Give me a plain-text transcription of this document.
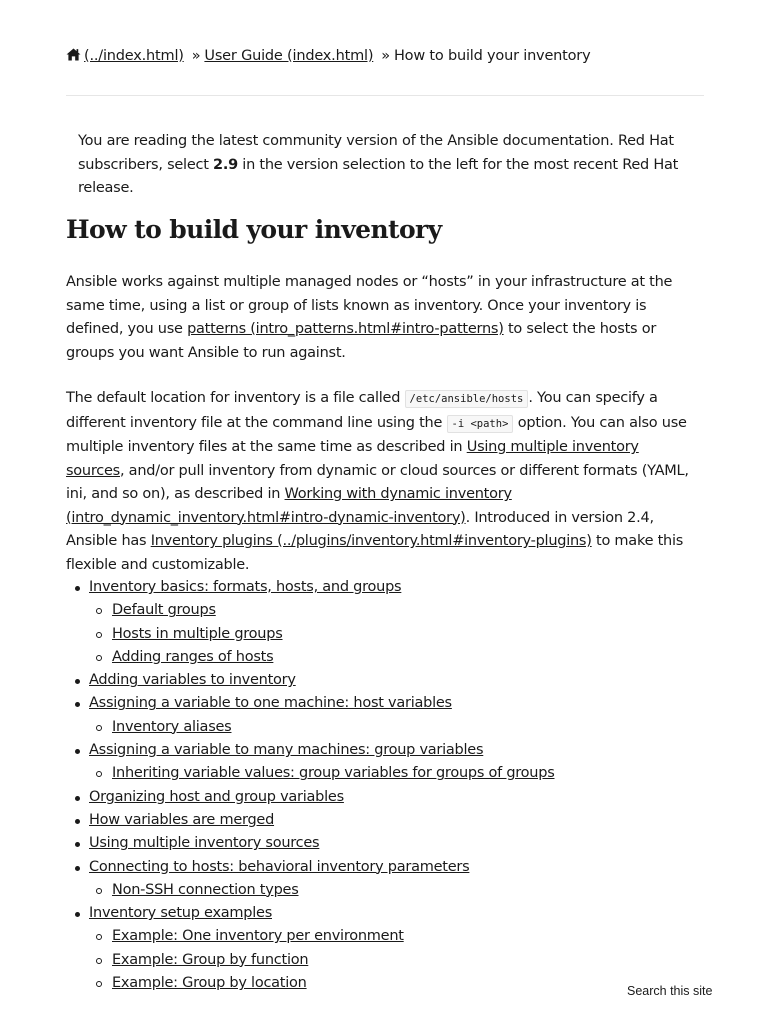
(../index.html) » User Guide (index.html) » How to build your inventory
You are reading the latest community version of the Ansible documentation. Red Hat subscribers, select 2.9 in the version selection to the left for the most recent Red Hat release.
How to build your inventory

Ansible works against multiple managed nodes or “hosts” in your infrastructure at the same time, using a list or group of lists known as inventory. Once your inventory is defined, you use patterns (intro_patterns.html#intro-patterns) to select the hosts or groups you want Ansible to run against.

The default location for inventory is a file called /etc/ansible/hosts . You can specify a different inventory file at the command line using the -i <path> option. You can also use multiple inventory files at the same time as described in Using multiple inventory sources, and/or pull inventory from dynamic or cloud sources or different formats (YAML, ini, and so on), as described in Working with dynamic inventory (intro_dynamic_inventory.html#intro-dynamic-inventory). Introduced in version 2.4, Ansible has Inventory plugins (../plugins/inventory.html#inventory-plugins) to make this flexible and customizable.

Inventory basics: formats, hosts, and groups
Default groups
Hosts in multiple groups
Adding ranges of hosts
Adding variables to inventory
Assigning a variable to one machine: host variables
Inventory aliases
Assigning a variable to many machines: group variables
Inheriting variable values: group variables for groups of groups
Organizing host and group variables
How variables are merged
Using multiple inventory sources
Connecting to hosts: behavioral inventory parameters
Non-SSH connection types
Inventory setup examples
Example: One inventory per environment
Example: Group by function
Example: Group by location	Search this site
